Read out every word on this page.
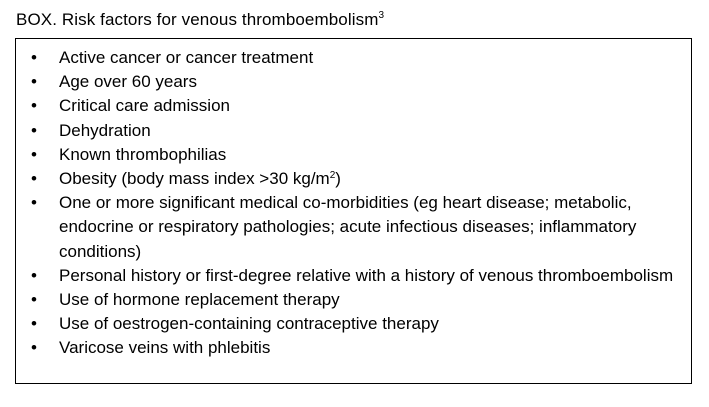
BOX. Risk factors for venous thromboembolism$^3$
• Active cancer or cancer treatment
• Age over 60 years
• Critical care admission
• Dehydration
• Known thrombophilias
• Obesity (body mass index >30 $kg/m^2$)
• One or more significant medical co-morbidities (eg heart disease; metabolic, endocrine or respiratory pathologies; acute infectious diseases; inflammatory conditions)
• Personal history or first-degree relative with a history of venous thromboembolism
• Use of hormone replacement therapy
• Use of oestrogen-containing contraceptive therapy
• Varicose veins with phlebitis
